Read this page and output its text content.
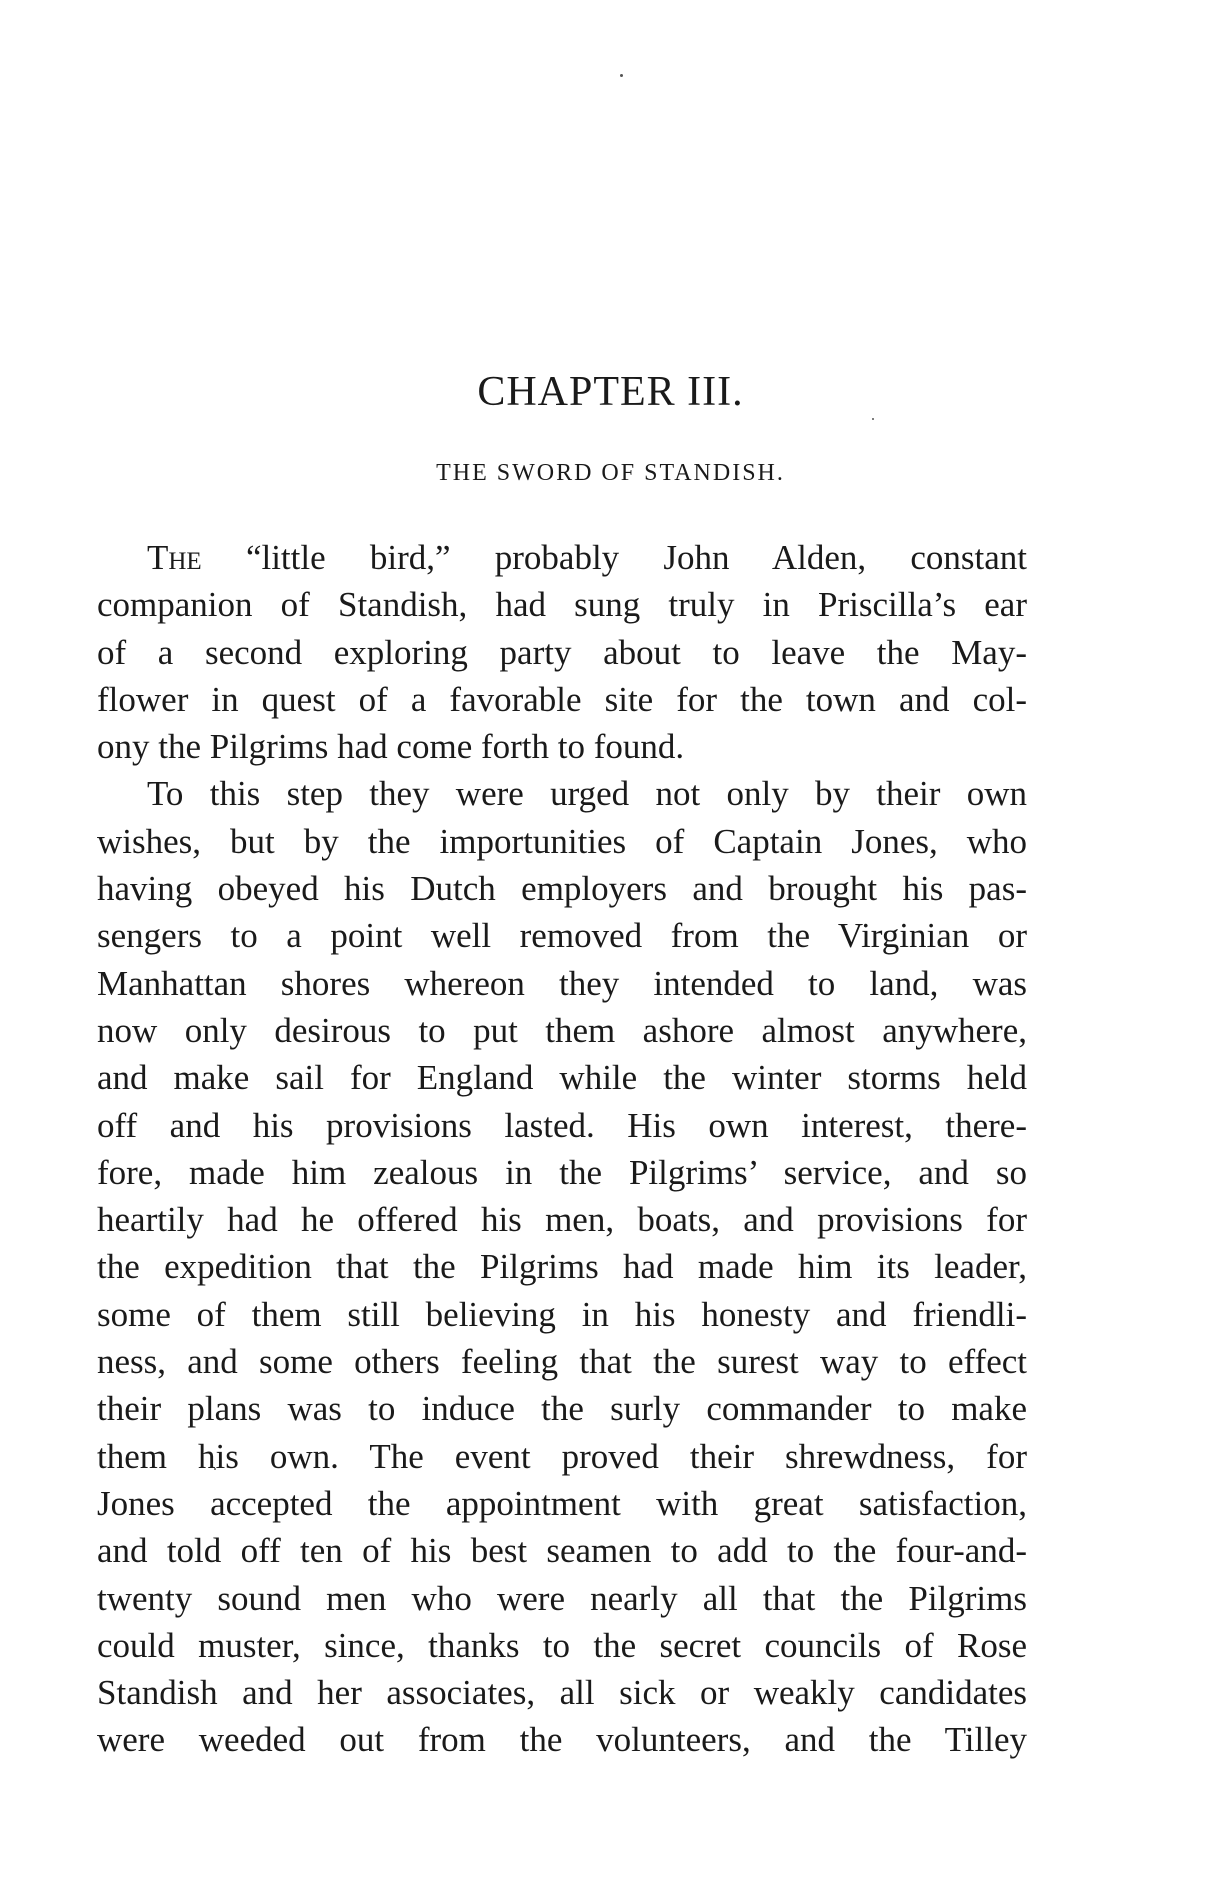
CHAPTER III.
THE SWORD OF STANDISH.
The “little bird,” probably John Alden, constant
companion of Standish, had sung truly in Priscilla’s ear
of a second exploring party about to leave the May-
flower in quest of a favorable site for the town and col-
ony the Pilgrims had come forth to found.
To this step they were urged not only by their own
wishes, but by the importunities of Captain Jones, who
having obeyed his Dutch employers and brought his pas-
sengers to a point well removed from the Virginian or
Manhattan shores whereon they intended to land, was
now only desirous to put them ashore almost anywhere,
and make sail for England while the winter storms held
off and his provisions lasted. His own interest, there-
fore, made him zealous in the Pilgrims’ service, and so
heartily had he offered his men, boats, and provisions for
the expedition that the Pilgrims had made him its leader,
some of them still believing in his honesty and friendli-
ness, and some others feeling that the surest way to effect
their plans was to induce the surly commander to make
them his own. The event proved their shrewdness, for
Jones accepted the appointment with great satisfaction,
and told off ten of his best seamen to add to the four-and-
twenty sound men who were nearly all that the Pilgrims
could muster, since, thanks to the secret councils of Rose
Standish and her associates, all sick or weakly candidates
were weeded out from the volunteers, and the Tilley
